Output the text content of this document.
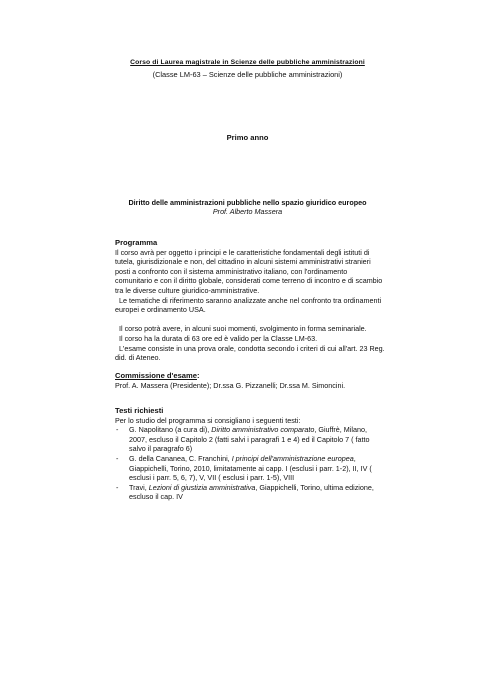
Corso di Laurea magistrale in Scienze delle pubbliche amministrazioni
(Classe LM-63 – Scienze delle pubbliche amministrazioni)
Primo anno
Diritto delle amministrazioni pubbliche nello spazio giuridico europeo
Prof. Alberto Massera

Programma

Il corso avrà per oggetto i principi e le caratteristiche fondamentali degli istituti di tutela, giurisdizionale e non, del cittadino in alcuni sistemi amministrativi stranieri posti a confronto con il sistema amministrativo italiano, con l'ordinamento comunitario e con il diritto globale, considerati come terreno di incontro e di scambio tra le diverse culture giuridico-amministrative.

Le tematiche di riferimento saranno analizzate anche nel confronto tra ordinamenti europei e ordinamento USA.

Il corso potrà avere, in alcuni suoi momenti, svolgimento in forma seminariale.

Il corso ha la durata di 63 ore ed è valido per la Classe LM-63.

L'esame consiste in una prova orale, condotta secondo i criteri di cui all'art. 23 Reg. did. di Ateneo.

Commissione d'esame:

Prof. A. Massera (Presidente); Dr.ssa G. Pizzanelli; Dr.ssa M. Simoncini.

Testi richiesti

Per lo studio del programma si consigliano i seguenti testi:

- G. Napolitano (a cura di), Diritto amministrativo comparato, Giuffrè, Milano, 2007, escluso il Capitolo 2 (fatti salvi i paragrafi 1 e 4) ed il Capitolo 7 ( fatto salvo il paragrafo 6)
- G. della Cananea, C. Franchini, I principi dell'amministrazione europea, Giappichelli, Torino, 2010, limitatamente ai capp. I (esclusi i parr. 1-2), II, IV ( esclusi i parr. 5, 6, 7), V, VII ( esclusi i parr. 1-5), VIII
- Travi, Lezioni di giustizia amministrativa, Giappichelli, Torino, ultima edizione, escluso il cap. IV
